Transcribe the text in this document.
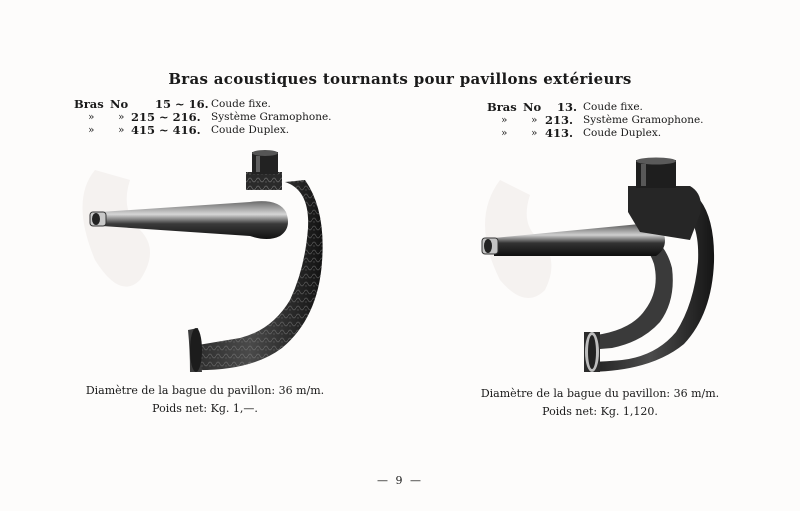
Bras acoustiques tournants pour pavillons extérieurs
Bras No 15 ~ 16. Coude fixe.
» » 215 ~ 216. Système Gramophone.
» » 415 ~ 416. Coude Duplex.
Bras No 13. Coude fixe.
» » 213. Système Gramophone.
» » 413. Coude Duplex.
Diamètre de la bague du pavillon: 36 m/m.
Poids net: Kg. 1,—.
Diamètre de la bague du pavillon: 36 m/m.
Poids net: Kg. 1,120.
— 9 —
